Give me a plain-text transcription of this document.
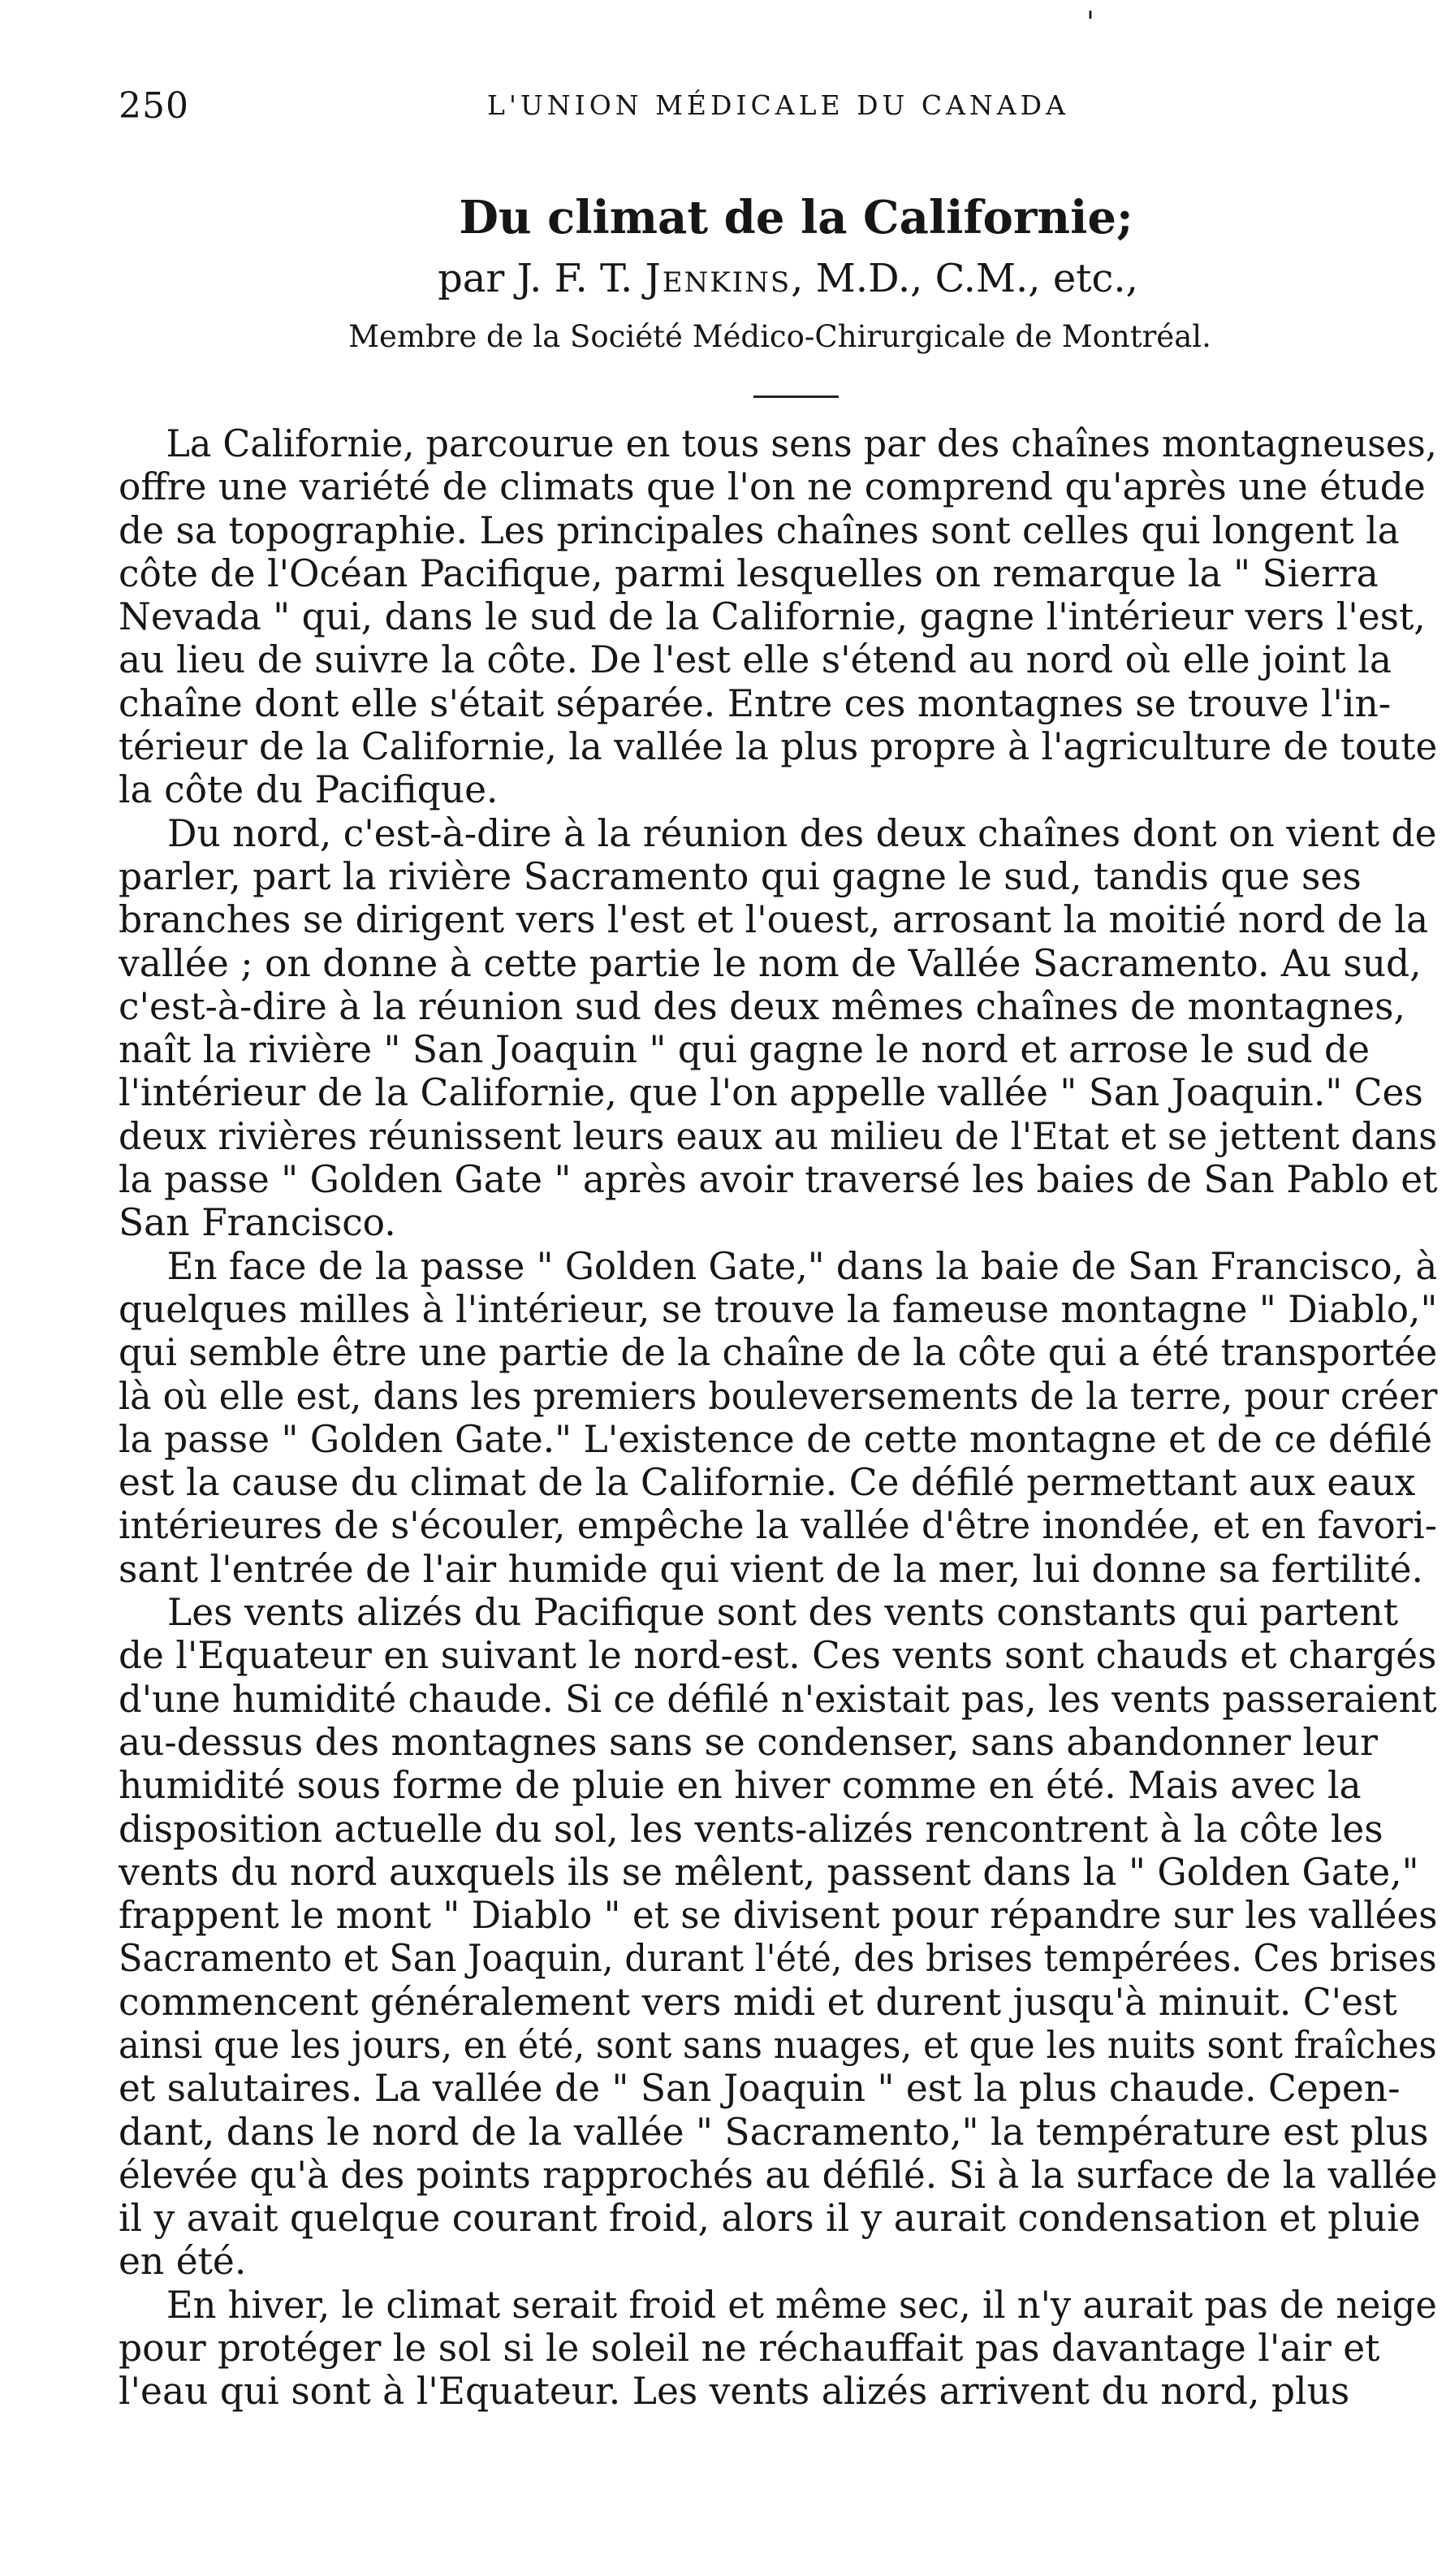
'
250	L'UNION MÉDICALE DU CANADA
Du climat de la Californie;
par J. F. T. Jenkins, M.D., C.M., etc.,
Membre de la Société Médico-Chirurgicale de Montréal.
La Californie, parcourue en tous sens par des chaînes montagneuses,
offre une variété de climats que l'on ne comprend qu'après une étude
de sa topographie. Les principales chaînes sont celles qui longent la
côte de l'Océan Pacifique, parmi lesquelles on remarque la " Sierra
Nevada " qui, dans le sud de la Californie, gagne l'intérieur vers l'est,
au lieu de suivre la côte. De l'est elle s'étend au nord où elle joint la
chaîne dont elle s'était séparée. Entre ces montagnes se trouve l'in-
térieur de la Californie, la vallée la plus propre à l'agriculture de toute
la côte du Pacifique.
Du nord, c'est-à-dire à la réunion des deux chaînes dont on vient de
parler, part la rivière Sacramento qui gagne le sud, tandis que ses
branches se dirigent vers l'est et l'ouest, arrosant la moitié nord de la
vallée ; on donne à cette partie le nom de Vallée Sacramento. Au sud,
c'est-à-dire à la réunion sud des deux mêmes chaînes de montagnes,
naît la rivière " San Joaquin " qui gagne le nord et arrose le sud de
l'intérieur de la Californie, que l'on appelle vallée " San Joaquin." Ces
deux rivières réunissent leurs eaux au milieu de l'Etat et se jettent dans
la passe " Golden Gate " après avoir traversé les baies de San Pablo et
San Francisco.
En face de la passe " Golden Gate," dans la baie de San Francisco, à
quelques milles à l'intérieur, se trouve la fameuse montagne " Diablo,"
qui semble être une partie de la chaîne de la côte qui a été transportée
là où elle est, dans les premiers bouleversements de la terre, pour créer
la passe " Golden Gate." L'existence de cette montagne et de ce défilé
est la cause du climat de la Californie. Ce défilé permettant aux eaux
intérieures de s'écouler, empêche la vallée d'être inondée, et en favori-
sant l'entrée de l'air humide qui vient de la mer, lui donne sa fertilité.
Les vents alizés du Pacifique sont des vents constants qui partent
de l'Equateur en suivant le nord-est. Ces vents sont chauds et chargés
d'une humidité chaude. Si ce défilé n'existait pas, les vents passeraient
au-dessus des montagnes sans se condenser, sans abandonner leur
humidité sous forme de pluie en hiver comme en été. Mais avec la
disposition actuelle du sol, les vents-alizés rencontrent à la côte les
vents du nord auxquels ils se mêlent, passent dans la " Golden Gate,"
frappent le mont " Diablo " et se divisent pour répandre sur les vallées
Sacramento et San Joaquin, durant l'été, des brises tempérées. Ces brises
commencent généralement vers midi et durent jusqu'à minuit. C'est
ainsi que les jours, en été, sont sans nuages, et que les nuits sont fraîches
et salutaires. La vallée de " San Joaquin " est la plus chaude. Cepen-
dant, dans le nord de la vallée " Sacramento," la température est plus
élevée qu'à des points rapprochés au défilé. Si à la surface de la vallée
il y avait quelque courant froid, alors il y aurait condensation et pluie
en été.
En hiver, le climat serait froid et même sec, il n'y aurait pas de neige
pour protéger le sol si le soleil ne réchauffait pas davantage l'air et
l'eau qui sont à l'Equateur. Les vents alizés arrivent du nord, plus
